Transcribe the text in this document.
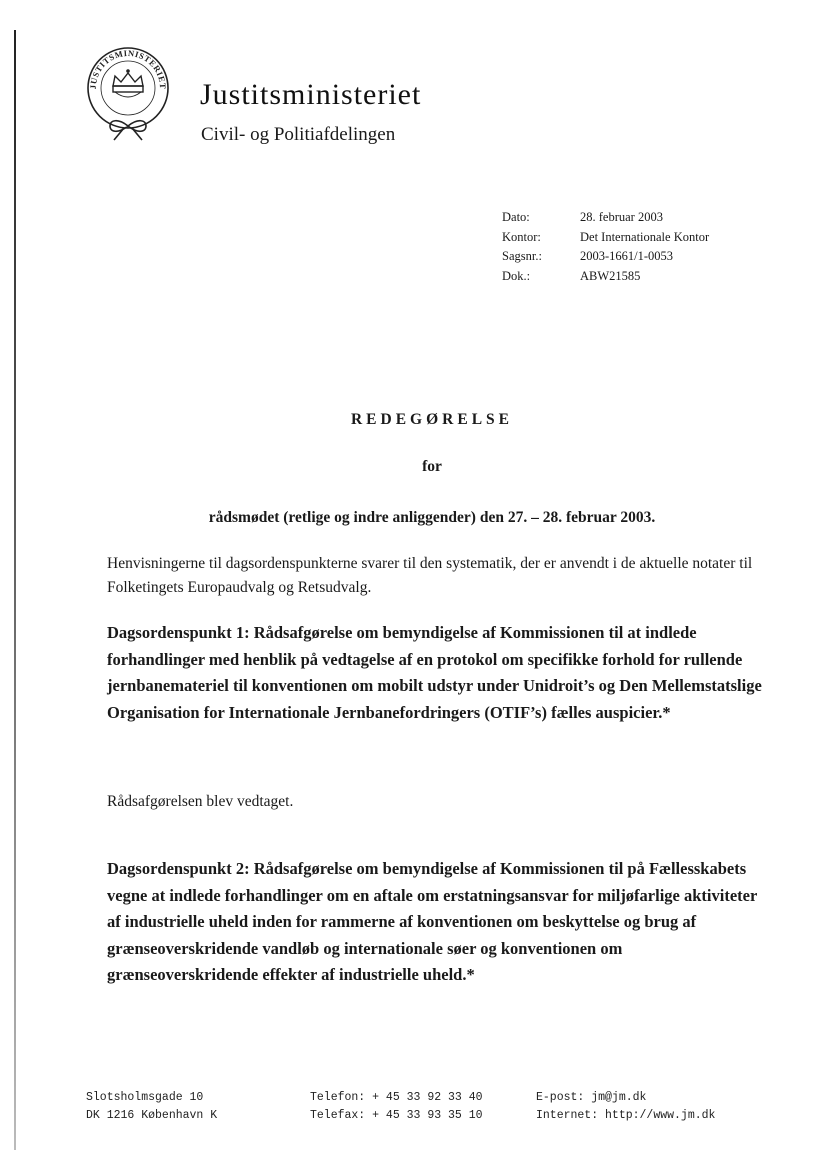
JUSTITSMINISTERIET Justitsministeriet
Civil- og Politiafdelingen
Dato:	28. februar 2003
Kontor:	Det Internationale Kontor
Sagsnr.:	2003-1661/1-0053
Dok.:	ABW21585
REDEGØRELSE
for
rådsmødet (retlige og indre anliggender) den 27. – 28. februar 2003.
Henvisningerne til dagsordenspunkterne svarer til den systematik, der er anvendt i de aktuelle notater til Folketingets Europaudvalg og Retsudvalg.
Dagsordenspunkt 1: Rådsafgørelse om bemyndigelse af Kommissionen til at indlede forhandlinger med henblik på vedtagelse af en protokol om specifikke forhold for rullende jernbanemateriel til konventionen om mobilt udstyr under Unidroit’s og Den Mellemstatslige Organisation for Internationale Jernbanefordringers (OTIF’s) fælles auspicier.*
Rådsafgørelsen blev vedtaget.
Dagsordenspunkt 2: Rådsafgørelse om bemyndigelse af Kommissionen til på Fællesskabets vegne at indlede forhandlinger om en aftale om erstatningsansvar for miljøfarlige aktiviteter af industrielle uheld inden for rammerne af konventionen om beskyttelse og brug af grænseoverskridende vandløb og internationale søer og konventionen om grænseoverskridende effekter af industrielle uheld.*
Slotsholmsgade 10
DK 1216 København K
Telefon: + 45 33 92 33 40
Telefax: + 45 33 93 35 10
E-post: jm@jm.dk
Internet: http://www.jm.dk
